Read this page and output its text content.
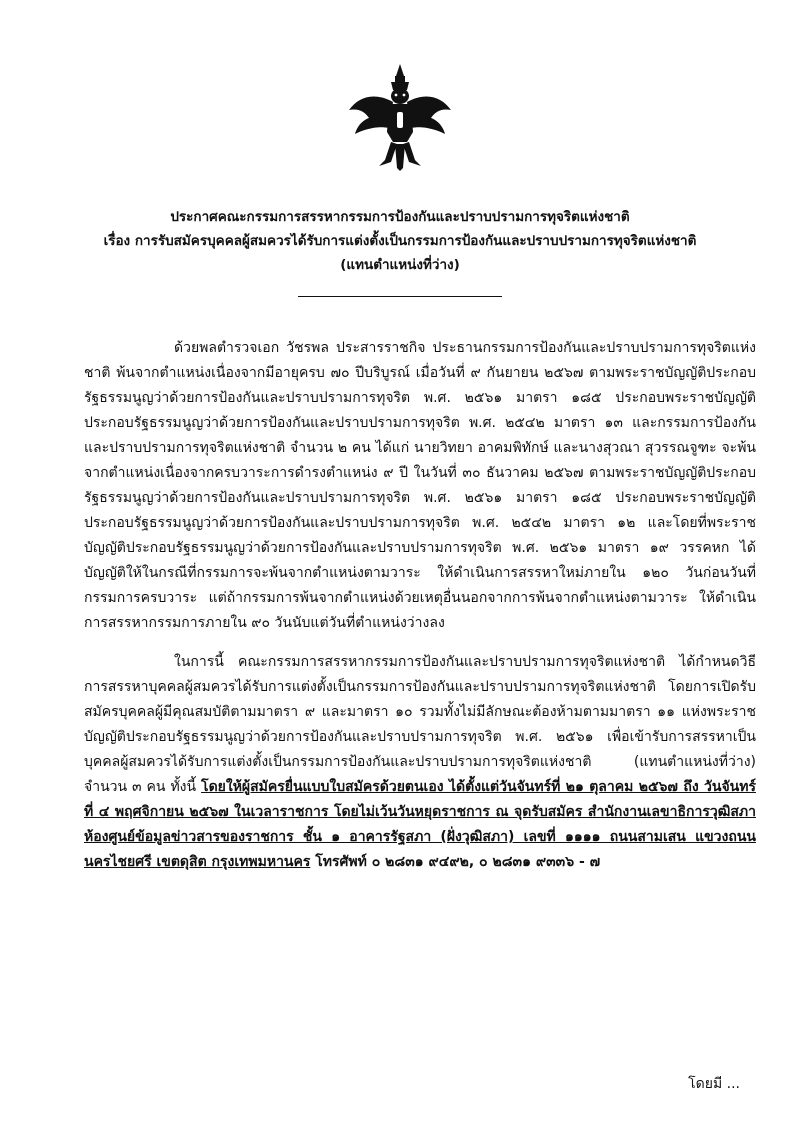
ประกาศคณะกรรมการสรรหากรรมการป้องกันและปราบปรามการทุจริตแห่งชาติ
เรื่อง การรับสมัครบุคคลผู้สมควรได้รับการแต่งตั้งเป็นกรรมการป้องกันและปราบปรามการทุจริตแห่งชาติ
(แทนตำแหน่งที่ว่าง)

ด้วยพลตำรวจเอก วัชรพล ประสารราชกิจ ประธานกรรมการป้องกันและปราบปรามการทุจริตแห่งชาติ พ้นจากตำแหน่งเนื่องจากมีอายุครบ ๗๐ ปีบริบูรณ์ เมื่อวันที่ ๙ กันยายน ๒๕๖๗ ตามพระราชบัญญัติประกอบรัฐธรรมนูญว่าด้วยการป้องกันและปราบปรามการทุจริต พ.ศ. ๒๕๖๑ มาตรา ๑๘๕ ประกอบพระราชบัญญัติประกอบรัฐธรรมนูญว่าด้วยการป้องกันและปราบปรามการทุจริต พ.ศ. ๒๕๔๒ มาตรา ๑๓ และกรรมการป้องกันและปราบปรามการทุจริตแห่งชาติ จำนวน ๒ คน ได้แก่ นายวิทยา อาคมพิทักษ์ และนางสุวณา สุวรรณจูฑะ จะพ้นจากตำแหน่งเนื่องจากครบวาระการดำรงตำแหน่ง ๙ ปี ในวันที่ ๓๐ ธันวาคม ๒๕๖๗ ตามพระราชบัญญัติประกอบรัฐธรรมนูญว่าด้วยการป้องกันและปราบปรามการทุจริต พ.ศ. ๒๕๖๑ มาตรา ๑๘๕ ประกอบพระราชบัญญัติประกอบรัฐธรรมนูญว่าด้วยการป้องกันและปราบปรามการทุจริต พ.ศ. ๒๕๔๒ มาตรา ๑๒ และโดยที่พระราชบัญญัติประกอบรัฐธรรมนูญว่าด้วยการป้องกันและปราบปรามการทุจริต พ.ศ. ๒๕๖๑ มาตรา ๑๙ วรรคหก ได้บัญญัติให้ในกรณีที่กรรมการจะพ้นจากตำแหน่งตามวาระ ให้ดำเนินการสรรหาใหม่ภายใน ๑๒๐ วันก่อนวันที่กรรมการครบวาระ แต่ถ้ากรรมการพ้นจากตำแหน่งด้วยเหตุอื่นนอกจากการพ้นจากตำแหน่งตามวาระ ให้ดำเนินการสรรหากรรมการภายใน ๙๐ วันนับแต่วันที่ตำแหน่งว่างลง

ในการนี้ คณะกรรมการสรรหากรรมการป้องกันและปราบปรามการทุจริตแห่งชาติ ได้กำหนดวิธีการสรรหาบุคคลผู้สมควรได้รับการแต่งตั้งเป็นกรรมการป้องกันและปราบปรามการทุจริตแห่งชาติ โดยการเปิดรับสมัครบุคคลผู้มีคุณสมบัติตามมาตรา ๙ และมาตรา ๑๐ รวมทั้งไม่มีลักษณะต้องห้ามตามมาตรา ๑๑ แห่งพระราชบัญญัติประกอบรัฐธรรมนูญว่าด้วยการป้องกันและปราบปรามการทุจริต พ.ศ. ๒๕๖๑ เพื่อเข้ารับการสรรหาเป็นบุคคลผู้สมควรได้รับการแต่งตั้งเป็นกรรมการป้องกันและปราบปรามการทุจริตแห่งชาติ (แทนตำแหน่งที่ว่าง) จำนวน ๓ คน ทั้งนี้ โดยให้ผู้สมัครยื่นแบบใบสมัครด้วยตนเอง ได้ตั้งแต่วันจันทร์ที่ ๒๑ ตุลาคม ๒๕๖๗ ถึง วันจันทร์ที่ ๔ พฤศจิกายน ๒๕๖๗ ในเวลาราชการ โดยไม่เว้นวันหยุดราชการ ณ จุดรับสมัคร สำนักงานเลขาธิการวุฒิสภา ห้องศูนย์ข้อมูลข่าวสารของราชการ ชั้น ๑ อาคารรัฐสภา (ฝั่งวุฒิสภา) เลขที่ ๑๑๑๑ ถนนสามเสน แขวงถนนนครไชยศรี เขตดุสิต กรุงเทพมหานคร โทรศัพท์ ๐ ๒๘๓๑ ๙๔๙๒, ๐ ๒๘๓๑ ๙๓๓๖ - ๗

โดยมี ...
